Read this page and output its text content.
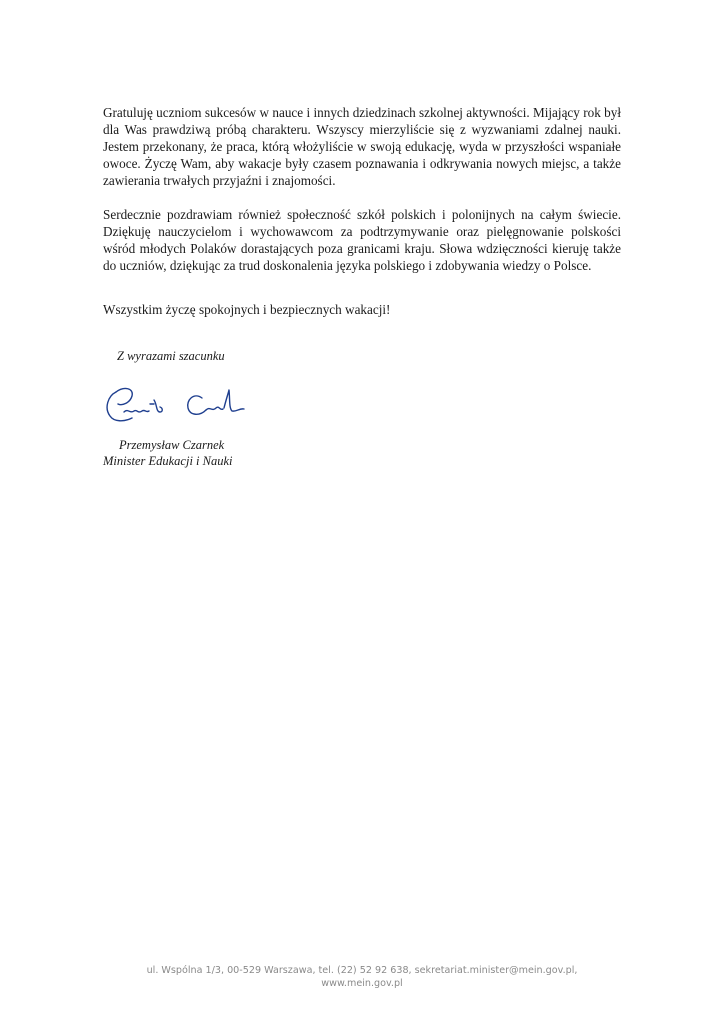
Gratuluję uczniom sukcesów w nauce i innych dziedzinach szkolnej aktywności. Mijający rok był dla Was prawdziwą próbą charakteru. Wszyscy mierzyliście się z wyzwaniami zdalnej nauki. Jestem przekonany, że praca, którą włożyliście w swoją edukację, wyda w przyszłości wspaniałe owoce. Życzę Wam, aby wakacje były czasem poznawania i odkrywania nowych miejsc, a także zawierania trwałych przyjaźni i znajomości.

Serdecznie pozdrawiam również społeczność szkół polskich i polonijnych na całym świecie. Dziękuję nauczycielom i wychowawcom za podtrzymywanie oraz pielęgnowanie polskości wśród młodych Polaków dorastających poza granicami kraju. Słowa wdzięczności kieruję także do uczniów, dziękując za trud doskonalenia języka polskiego i zdobywania wiedzy o Polsce.

Wszystkim życzę spokojnych i bezpiecznych wakacji!

Z wyrazami szacunku

Przemysław Czarnek

Minister Edukacji i Nauki

ul. Wspólna 1/3, 00-529 Warszawa, tel. (22) 52 92 638, sekretariat.minister@mein.gov.pl,
www.mein.gov.pl
